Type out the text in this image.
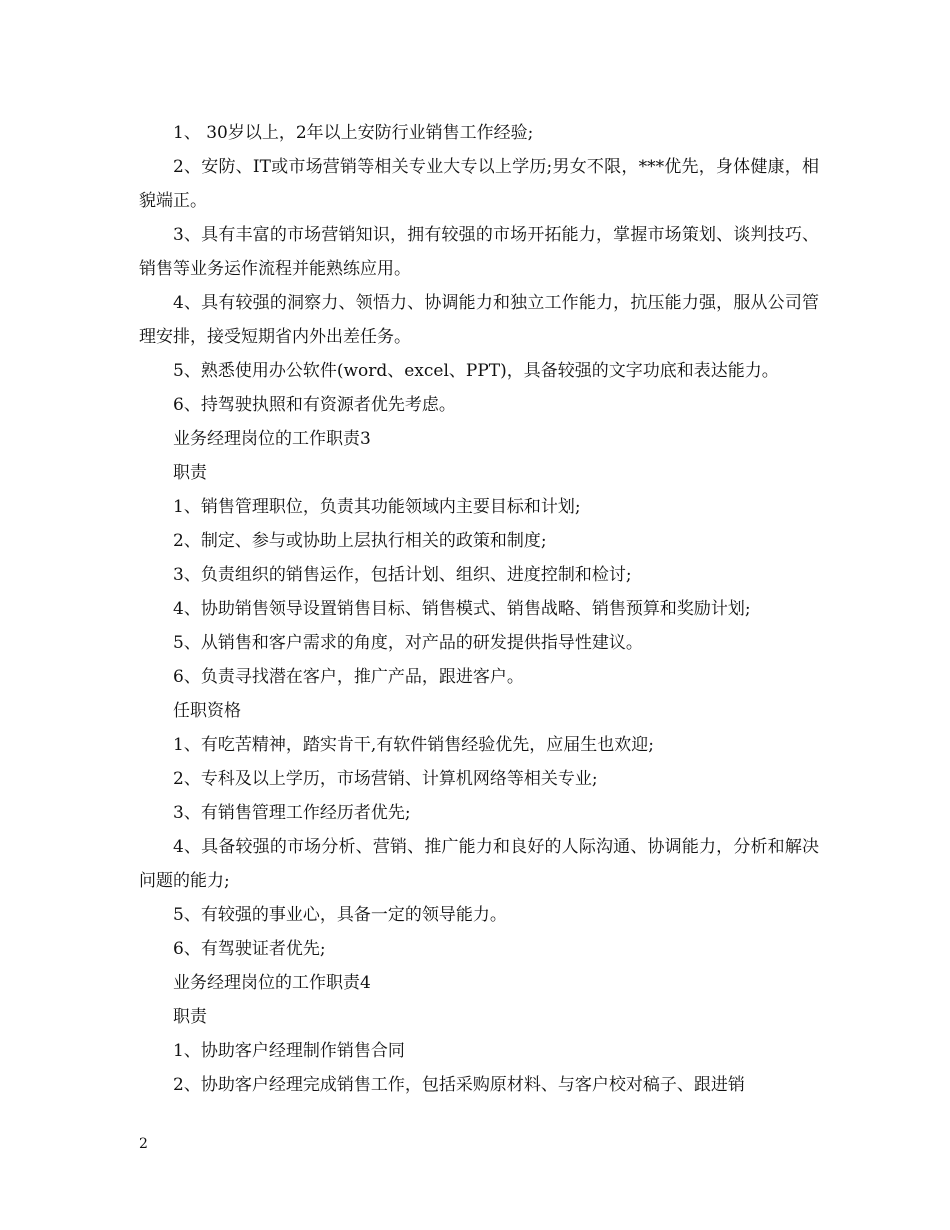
1、 30岁以上，2年以上安防行业销售工作经验;

2、安防、IT或市场营销等相关专业大专以上学历;男女不限，***优先，身体健康，相貌端正。

3、具有丰富的市场营销知识，拥有较强的市场开拓能力，掌握市场策划、谈判技巧、销售等业务运作流程并能熟练应用。

4、具有较强的洞察力、领悟力、协调能力和独立工作能力，抗压能力强，服从公司管理安排，接受短期省内外出差任务。

5、熟悉使用办公软件(word、excel、PPT)，具备较强的文字功底和表达能力。

6、持驾驶执照和有资源者优先考虑。

业务经理岗位的工作职责3

职责

1、销售管理职位，负责其功能领域内主要目标和计划;

2、制定、参与或协助上层执行相关的政策和制度;

3、负责组织的销售运作，包括计划、组织、进度控制和检讨;

4、协助销售领导设置销售目标、销售模式、销售战略、销售预算和奖励计划;

5、从销售和客户需求的角度，对产品的研发提供指导性建议。

6、负责寻找潜在客户，推广产品，跟进客户。

任职资格

1、有吃苦精神，踏实肯干,有软件销售经验优先，应届生也欢迎;

2、专科及以上学历，市场营销、计算机网络等相关专业;

3、有销售管理工作经历者优先;

4、具备较强的市场分析、营销、推广能力和良好的人际沟通、协调能力，分析和解决问题的能力;

5、有较强的事业心，具备一定的领导能力。

6、有驾驶证者优先;

业务经理岗位的工作职责4

职责

1、协助客户经理制作销售合同

2、协助客户经理完成销售工作，包括采购原材料、与客户校对稿子、跟进销

2
